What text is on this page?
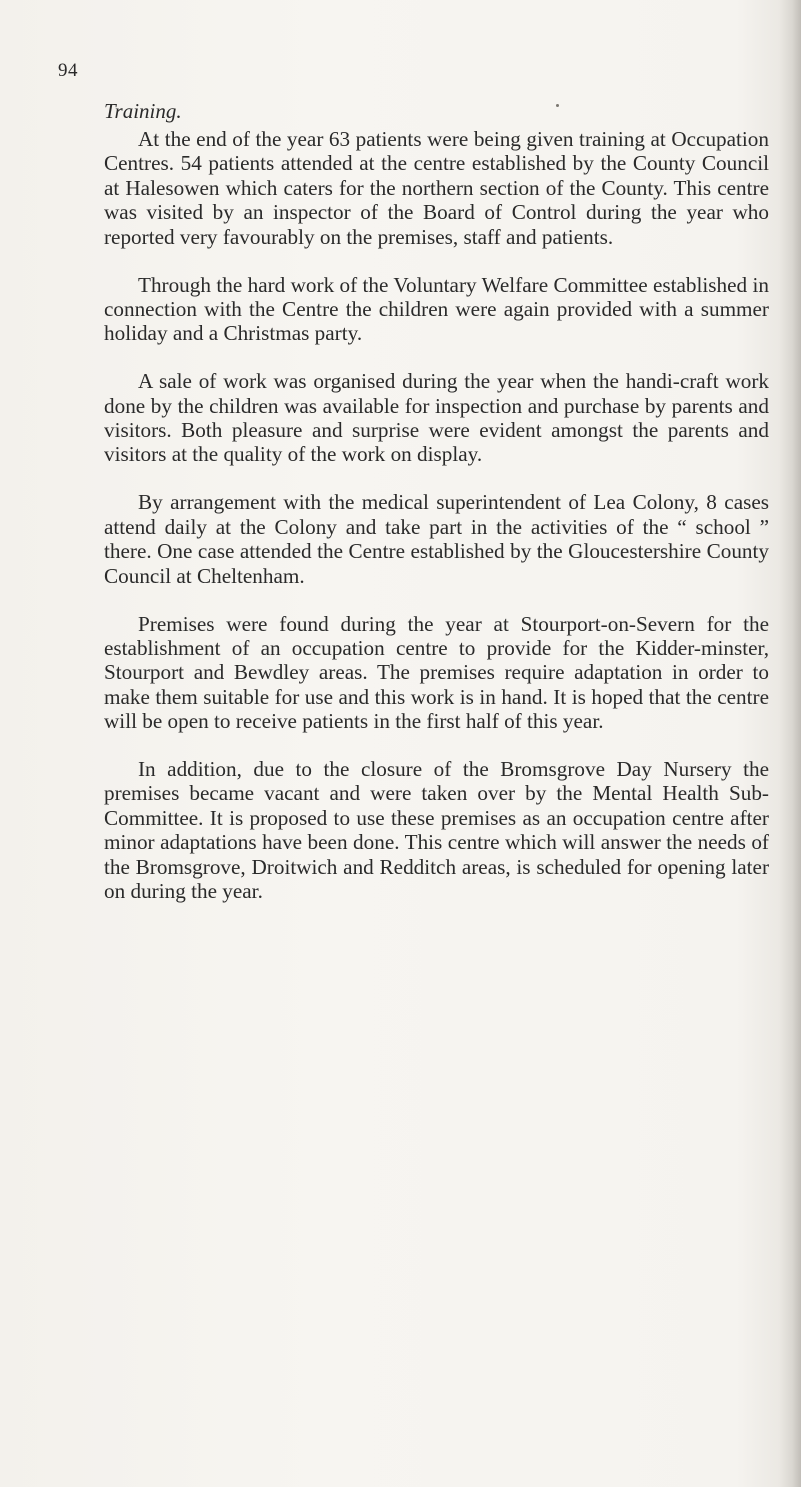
94
Training.

At the end of the year 63 patients were being given training at Occupation Centres. 54 patients attended at the centre established by the County Council at Halesowen which caters for the northern section of the County. This centre was visited by an inspector of the Board of Control during the year who reported very favourably on the premises, staff and patients.

Through the hard work of the Voluntary Welfare Committee established in connection with the Centre the children were again provided with a summer holiday and a Christmas party.

A sale of work was organised during the year when the handi-craft work done by the children was available for inspection and purchase by parents and visitors. Both pleasure and surprise were evident amongst the parents and visitors at the quality of the work on display.

By arrangement with the medical superintendent of Lea Colony, 8 cases attend daily at the Colony and take part in the activities of the “ school ” there. One case attended the Centre established by the Gloucestershire County Council at Cheltenham.

Premises were found during the year at Stourport-on-Severn for the establishment of an occupation centre to provide for the Kidder-minster, Stourport and Bewdley areas. The premises require adaptation in order to make them suitable for use and this work is in hand. It is hoped that the centre will be open to receive patients in the first half of this year.

In addition, due to the closure of the Bromsgrove Day Nursery the premises became vacant and were taken over by the Mental Health Sub-Committee. It is proposed to use these premises as an occupation centre after minor adaptations have been done. This centre which will answer the needs of the Bromsgrove, Droitwich and Redditch areas, is scheduled for opening later on during the year.
